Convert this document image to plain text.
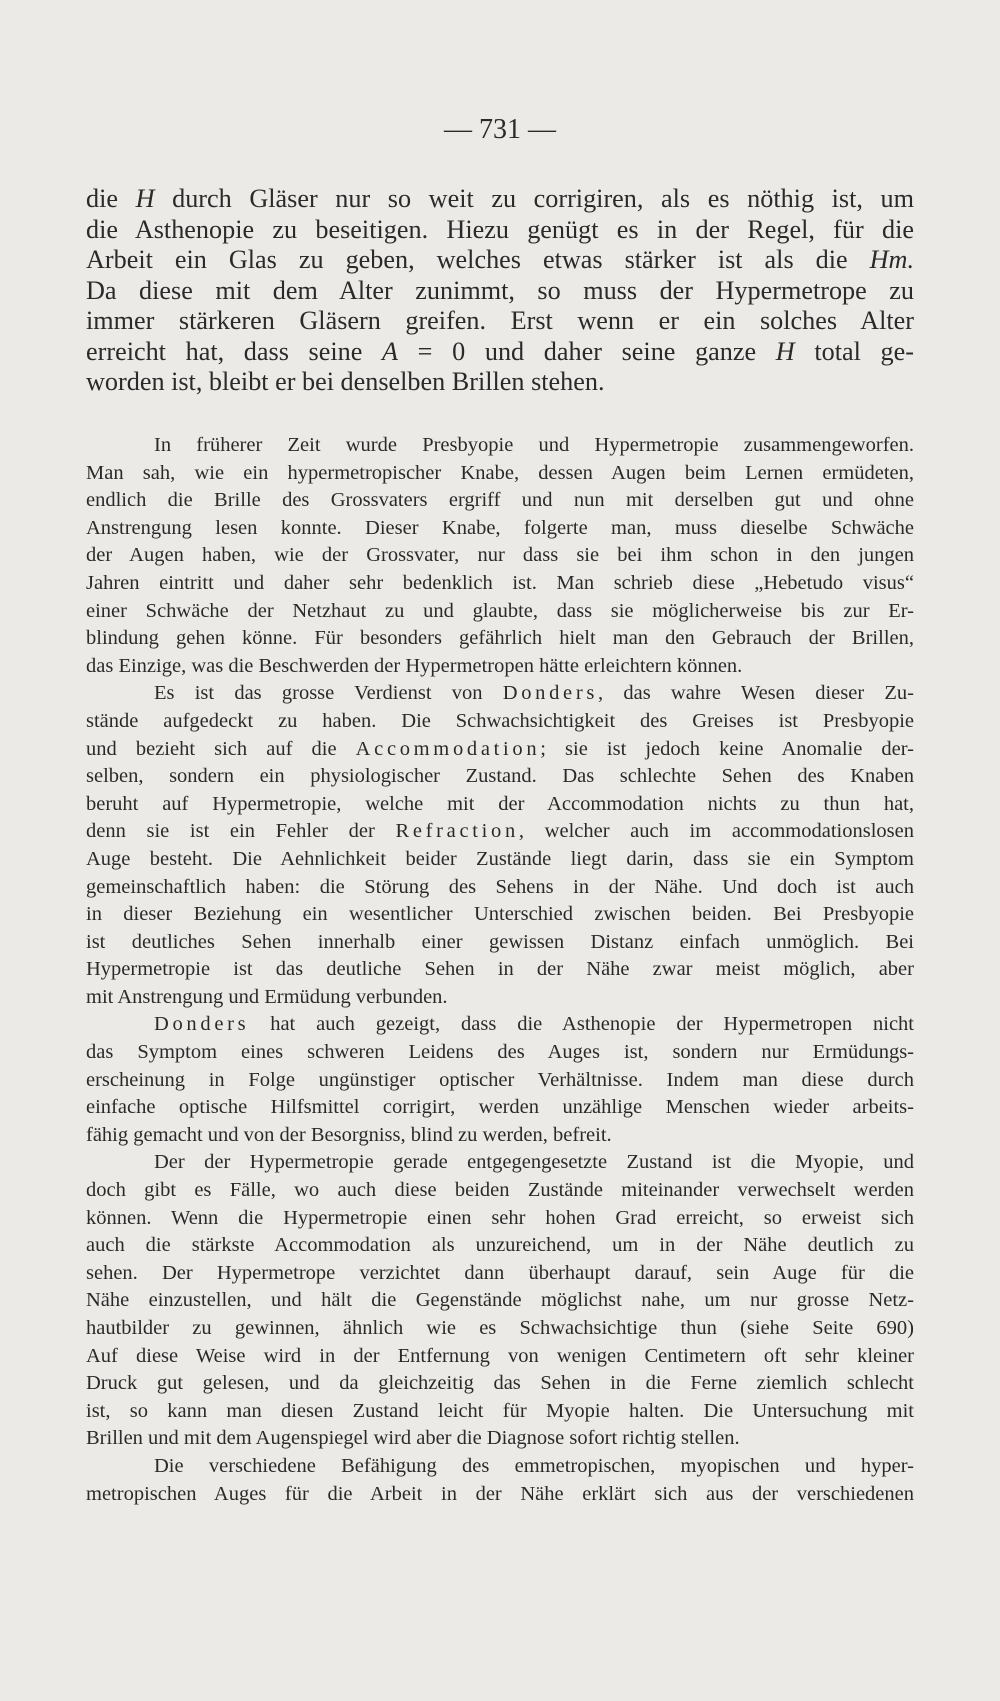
— 731 —
die H durch Gläser nur so weit zu corrigiren, als es nöthig ist, um
die Asthenopie zu beseitigen. Hiezu genügt es in der Regel, für die
Arbeit ein Glas zu geben, welches etwas stärker ist als die Hm.
Da diese mit dem Alter zunimmt, so muss der Hypermetrope zu
immer stärkeren Gläsern greifen. Erst wenn er ein solches Alter
erreicht hat, dass seine A = 0 und daher seine ganze H total ge-
worden ist, bleibt er bei denselben Brillen stehen.
In früherer Zeit wurde Presbyopie und Hypermetropie zusammengeworfen.
Man sah, wie ein hypermetropischer Knabe, dessen Augen beim Lernen ermüdeten,
endlich die Brille des Grossvaters ergriff und nun mit derselben gut und ohne
Anstrengung lesen konnte. Dieser Knabe, folgerte man, muss dieselbe Schwäche
der Augen haben, wie der Grossvater, nur dass sie bei ihm schon in den jungen
Jahren eintritt und daher sehr bedenklich ist. Man schrieb diese „Hebetudo visus“
einer Schwäche der Netzhaut zu und glaubte, dass sie möglicherweise bis zur Er-
blindung gehen könne. Für besonders gefährlich hielt man den Gebrauch der Brillen,
das Einzige, was die Beschwerden der Hypermetropen hätte erleichtern können.
Es ist das grosse Verdienst von Donders, das wahre Wesen dieser Zu-
stände aufgedeckt zu haben. Die Schwachsichtigkeit des Greises ist Presbyopie
und bezieht sich auf die Accommodation; sie ist jedoch keine Anomalie der-
selben, sondern ein physiologischer Zustand. Das schlechte Sehen des Knaben
beruht auf Hypermetropie, welche mit der Accommodation nichts zu thun hat,
denn sie ist ein Fehler der Refraction, welcher auch im accommodationslosen
Auge besteht. Die Aehnlichkeit beider Zustände liegt darin, dass sie ein Symptom
gemeinschaftlich haben: die Störung des Sehens in der Nähe. Und doch ist auch
in dieser Beziehung ein wesentlicher Unterschied zwischen beiden. Bei Presbyopie
ist deutliches Sehen innerhalb einer gewissen Distanz einfach unmöglich. Bei
Hypermetropie ist das deutliche Sehen in der Nähe zwar meist möglich, aber
mit Anstrengung und Ermüdung verbunden.
Donders hat auch gezeigt, dass die Asthenopie der Hypermetropen nicht
das Symptom eines schweren Leidens des Auges ist, sondern nur Ermüdungs-
erscheinung in Folge ungünstiger optischer Verhältnisse. Indem man diese durch
einfache optische Hilfsmittel corrigirt, werden unzählige Menschen wieder arbeits-
fähig gemacht und von der Besorgniss, blind zu werden, befreit.
Der der Hypermetropie gerade entgegengesetzte Zustand ist die Myopie, und
doch gibt es Fälle, wo auch diese beiden Zustände miteinander verwechselt werden
können. Wenn die Hypermetropie einen sehr hohen Grad erreicht, so erweist sich
auch die stärkste Accommodation als unzureichend, um in der Nähe deutlich zu
sehen. Der Hypermetrope verzichtet dann überhaupt darauf, sein Auge für die
Nähe einzustellen, und hält die Gegenstände möglichst nahe, um nur grosse Netz-
hautbilder zu gewinnen, ähnlich wie es Schwachsichtige thun (siehe Seite 690)
Auf diese Weise wird in der Entfernung von wenigen Centimetern oft sehr kleiner
Druck gut gelesen, und da gleichzeitig das Sehen in die Ferne ziemlich schlecht
ist, so kann man diesen Zustand leicht für Myopie halten. Die Untersuchung mit
Brillen und mit dem Augenspiegel wird aber die Diagnose sofort richtig stellen.
Die verschiedene Befähigung des emmetropischen, myopischen und hyper-
metropischen Auges für die Arbeit in der Nähe erklärt sich aus der verschiedenen
